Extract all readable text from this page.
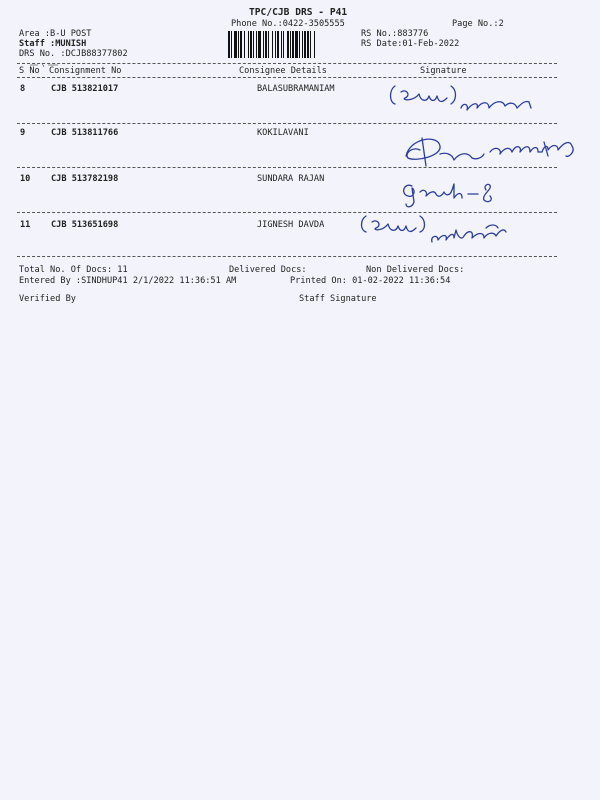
TPC/CJB DRS - P41
Phone No.:0422-3505555	Page No.:2
Area :B-U POST
Staff :MUNISH
DRS No. :DCJB88377802
RS No.:883776
RS Date:01-Feb-2022
S No Consignment No	Consignee Details	Signature
8	CJB 513821017	BALASUBRAMANIAM
9	CJB 513811766	KOKILAVANI
10 CJB 513782198	SUNDARA RAJAN
11 CJB 513651698	JIGNESH DAVDA
Total No. Of Docs: 11	Delivered Docs:	Non Delivered Docs:
Entered By :SINDHUP41 2/1/2022 11:36:51 AM	Printed On: 01-02-2022 11:36:54
Verified By	Staff Signature
